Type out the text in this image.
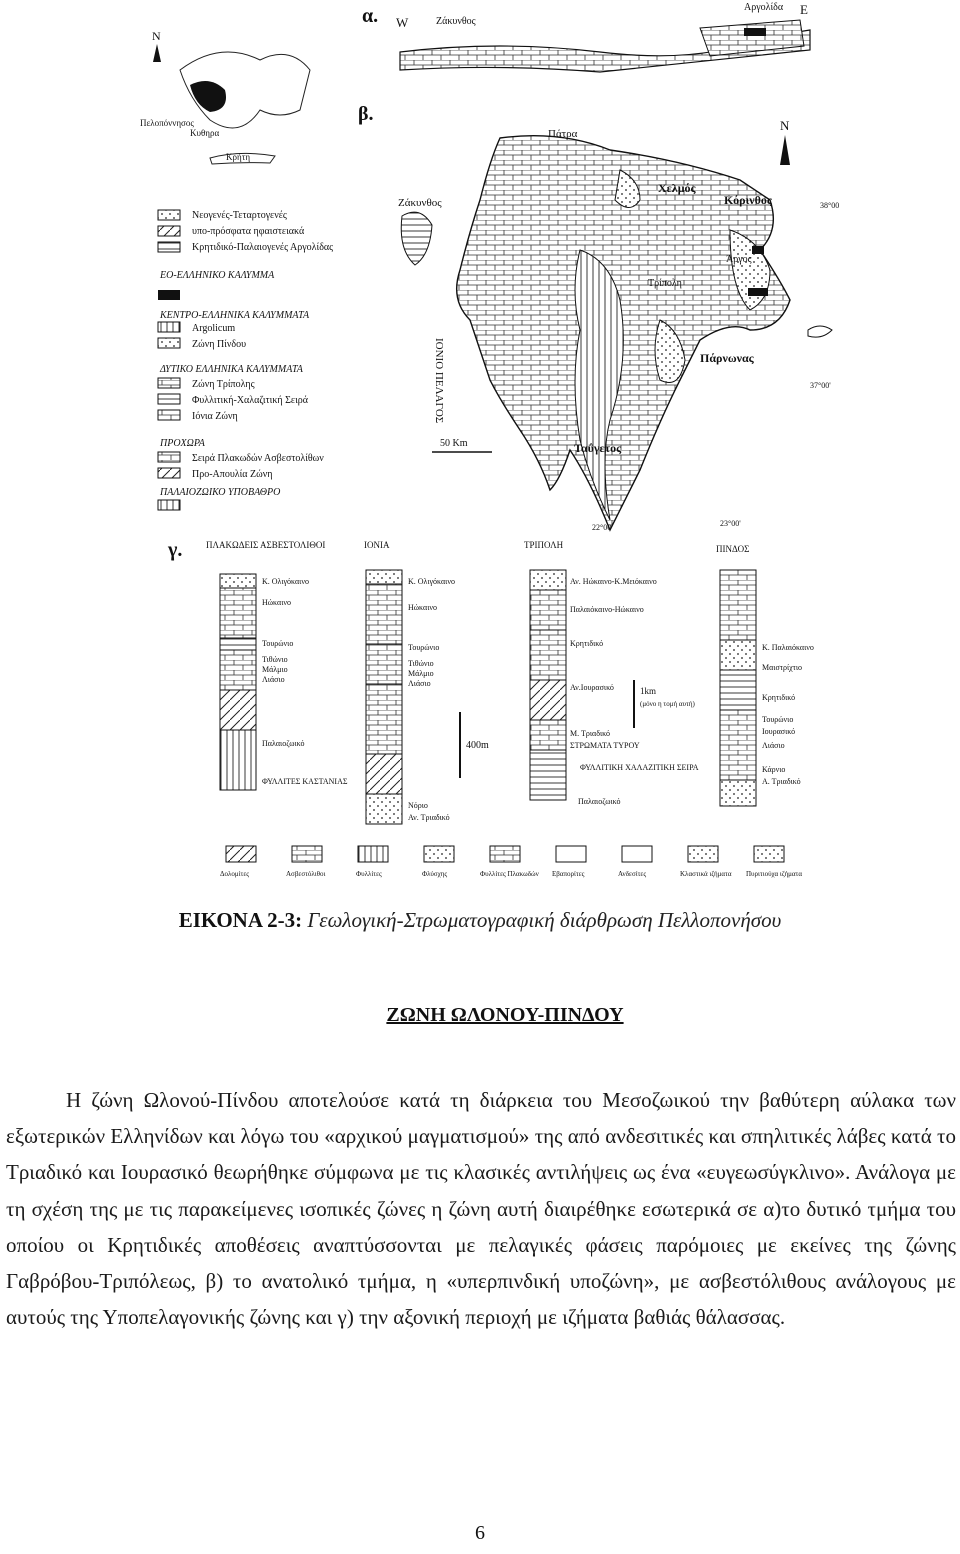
α. W	Ζάκυνθος
Αργολίδα E
Πελοπόννησος
Κυθηρα
Κρήτη
N
β.
N
Νεογενές-Τεταρτογενές
υπο-πρόσφατα ηφαιστειακά
Κρητιδικό-Παλαιογενές Αργολίδας
ΕΟ-ΕΛΛΗΝΙΚΟ ΚΑΛΥΜΜΑ
ΚΕΝΤΡΟ-ΕΛΛΗΝΙΚΑ ΚΑΛΥΜΜΑΤΑ
Argolicum
Ζώνη Πίνδου
ΔΥΤΙΚΟ ΕΛΛΗΝΙΚΑ ΚΑΛΥΜΜΑΤΑ
Ζώνη Τρίπολης
Φυλλιτική-Χαλαζιτική Σειρά
Ιόνια Ζώνη
ΠΡΟΧΩΡΑ
Σειρά Πλακωδών Ασβεστολίθων
Προ-Απουλία Ζώνη
ΠΑΛΑΙΟΖΩΙΚΟ ΥΠΟΒΑΘΡΟ
Πάτρα
Ζάκυνθος	Κόρινθος
Χελμός
Άργος
Τρίπολη
Πάρνωνας
Ταΰγετος
ΙΟΝΙΟ ΠΕΛΑΓΟΣ
50 Km
38°00
37°00'
22°00'	23°00'
γ.	ΠΛΑΚΩΔΕΙΣ ΑΣΒΕΣΤΟΛΙΘΟΙ
Κ. Ολιγόκαινο
Ηώκαινο
Τουρώνιο
Τιθώνιο
Μάλμιο
Λιάσιο
Παλαιοζωικό
ΦΥΛΛΙΤΕΣ ΚΑΣΤΑΝΙΑΣ
ΙΟΝΙΑ
Κ. Ολιγόκαινο
Ηώκαινο
Τουρώνιο
Τιθώνιο
Μάλμιο
Λιάσιο
Νόριο
Αν. Τριαδικό
400m
ΤΡΙΠΟΛΗ
Αν. Ηώκαινο-Κ.Μειόκαινο
Παλαιόκαινο-Ηώκαινο
Κρητιδικό
Αν.Ιουρασικό
Μ. Τριαδικό
ΣΤΡΩΜΑΤΑ ΤΥΡΟΥ
ΦΥΛΛΙΤΙΚΗ ΧΑΛΑΖΙΤΙΚΗ ΣΕΙΡΑ
Παλαιοζωικό
1km
(μόνο η τομή αυτή)
ΠΙΝΔΟΣ
Κ. Παλαιόκαινο
Μαιστρίχτιο
Κρητιδικό
Τουρώνιο
Ιουρασικό
Λιάσιο
Κάρνιο
Α. Τριαδικό
Δολομίτες	Ασβεστόλιθοι	Φυλλίτες	Φλύσχης	Φυλλίτες Πλακωδών Εβαπορίτες	Ανδεσίτες	Κλαστικά ιζήματα Πυριτιούχα ιζήματα
ΕΙΚΟΝΑ 2-3: Γεωλογική-Στρωματογραφική διάρθρωση Πελλοπονήσου
ΖΩΝΗ ΩΛΟΝΟΥ-ΠΙΝΔΟΥ

Η ζώνη Ωλονού-Πίνδου αποτελούσε κατά τη διάρκεια του Μεσοζωικού την βαθύτερη αύλακα των εξωτερικών Ελληνίδων και λόγω του «αρχικού μαγματισμού» της από ανδεσιτικές και σπηλιτικές λάβες κατά το Τριαδικό και Ιουρασικό θεωρήθηκε σύμφωνα με τις κλασικές αντιλήψεις ως ένα «ευγεωσύγκλινο». Ανάλογα με τη σχέση της με τις παρακείμενες ισοπικές ζώνες η ζώνη αυτή διαιρέθηκε εσωτερικά σε α)το δυτικό τμήμα του οποίου οι Κρητιδικές αποθέσεις αναπτύσσονται με πελαγικές φάσεις παρόμοιες με εκείνες της ζώνης Γαβρόβου-Τριπόλεως, β) το ανατολικό τμήμα, η «υπερπινδική υποζώνη», με ασβεστόλιθους ανάλογους με αυτούς της Υποπελαγονικής ζώνης και γ) την αξονική περιοχή με ιζήματα βαθιάς θάλασσας.

6
